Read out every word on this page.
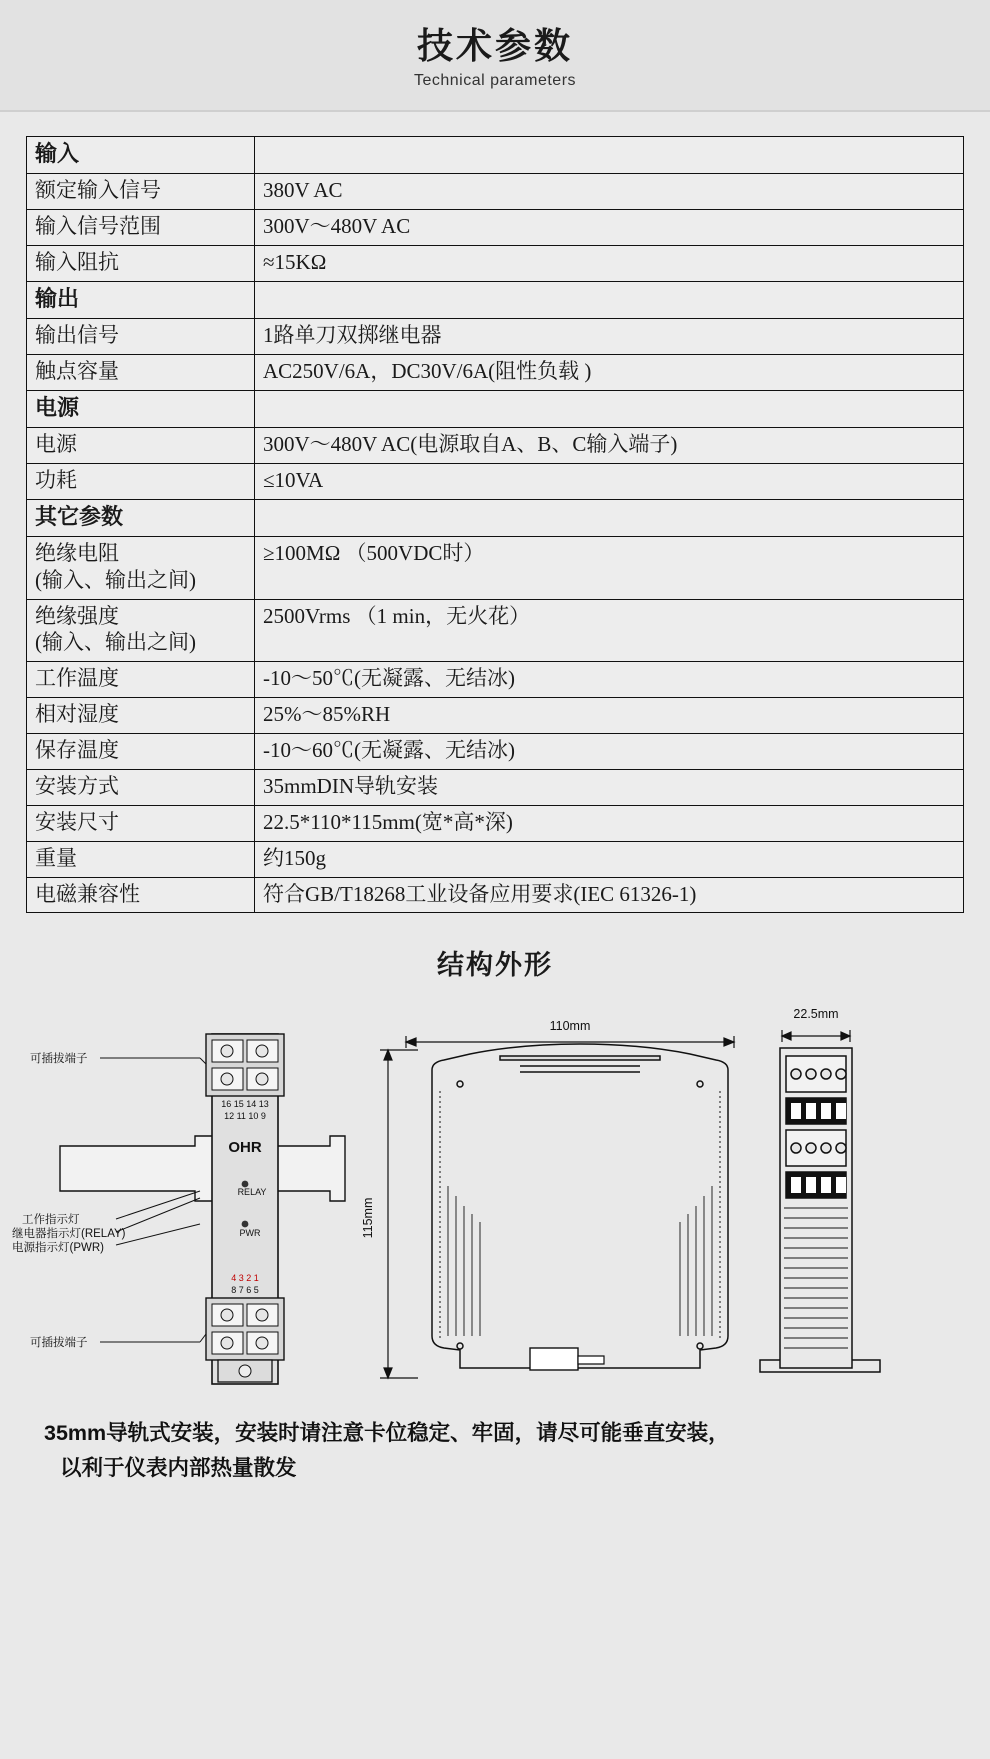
技术参数
Technical parameters
输入	

额定输入信号	380V AC

输入信号范围	300V～480V AC

输入阻抗	≈15KΩ

输出	

输出信号	1路单刀双掷继电器

触点容量	AC250V/6A，DC30V/6A(阻性负载 )

电源	

电源	300V～480V AC(电源取自A、B、C输入端子)

功耗	≤10VA

其它参数	

绝缘电阻
(输入、输出之间)	≥100MΩ （500VDC时）

绝缘强度
(输入、输出之间)	2500Vrms （1 min，无火花）

工作温度	-10～50℃(无凝露、无结冰)

相对湿度	25%～85%RH

保存温度	-10～60℃(无凝露、无结冰)

安装方式	35mmDIN导轨安装

安装尺寸	22.5*110*115mm(宽*高*深)

重量	约150g

电磁兼容性	符合GB/T18268工业设备应用要求(IEC 61326-1)
结构外形
16 15 14 13
12 11 10 9
OHR
RELAY
PWR
4 3 2 1
8 7 6 5
可插拔端子
工作指示灯
继电器指示灯(RELAY)
电源指示灯(PWR)
可插拔端子
110mm
115mm
22.5mm
35mm导轨式安装，安装时请注意卡位稳定、牢固，请尽可能垂直安装，
以利于仪表内部热量散发
